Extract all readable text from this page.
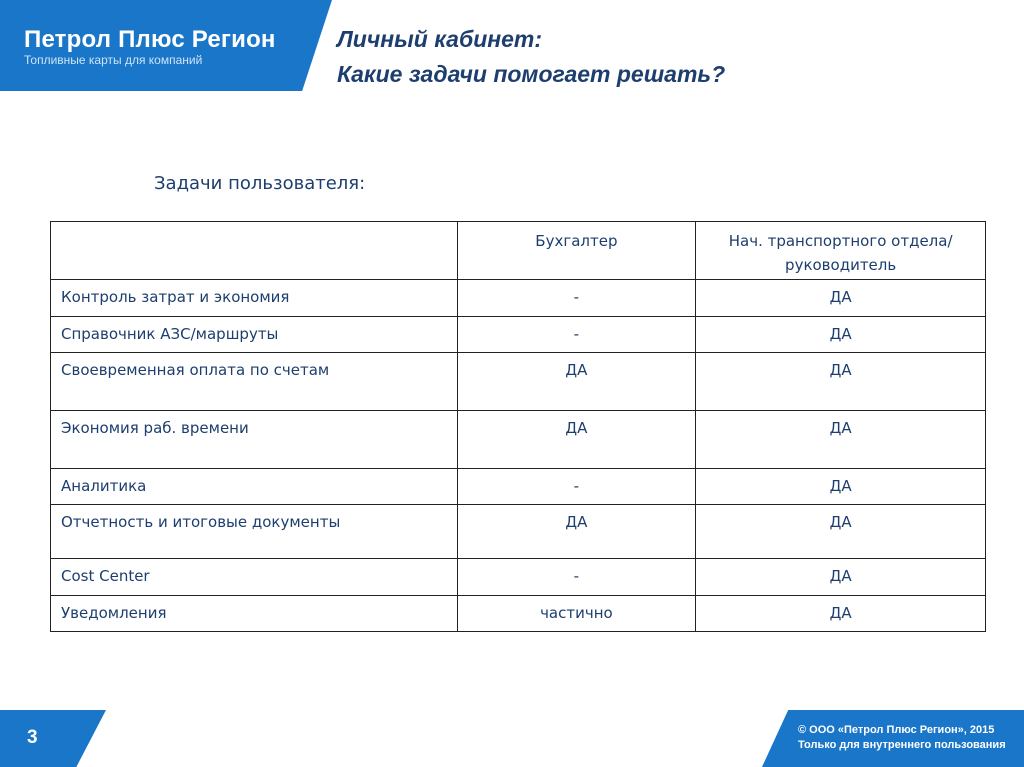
Петрол Плюс Регион
Топливные карты для компаний
Личный кабинет:
Какие задачи помогает решать?
Задачи пользователя:
	Бухгалтер	Нач. транспортного отдела/руководитель
Контроль затрат и экономия	-	ДА
Справочник АЗС/маршруты	-	ДА
Своевременная оплата по счетам	ДА	ДА
Экономия раб. времени	ДА	ДА
Аналитика	-	ДА
Отчетность и итоговые документы	ДА	ДА
Cost Center	-	ДА
Уведомления	частично	ДА
3	© ООО «Петрол Плюс Регион», 2015
Только для внутреннего пользования
